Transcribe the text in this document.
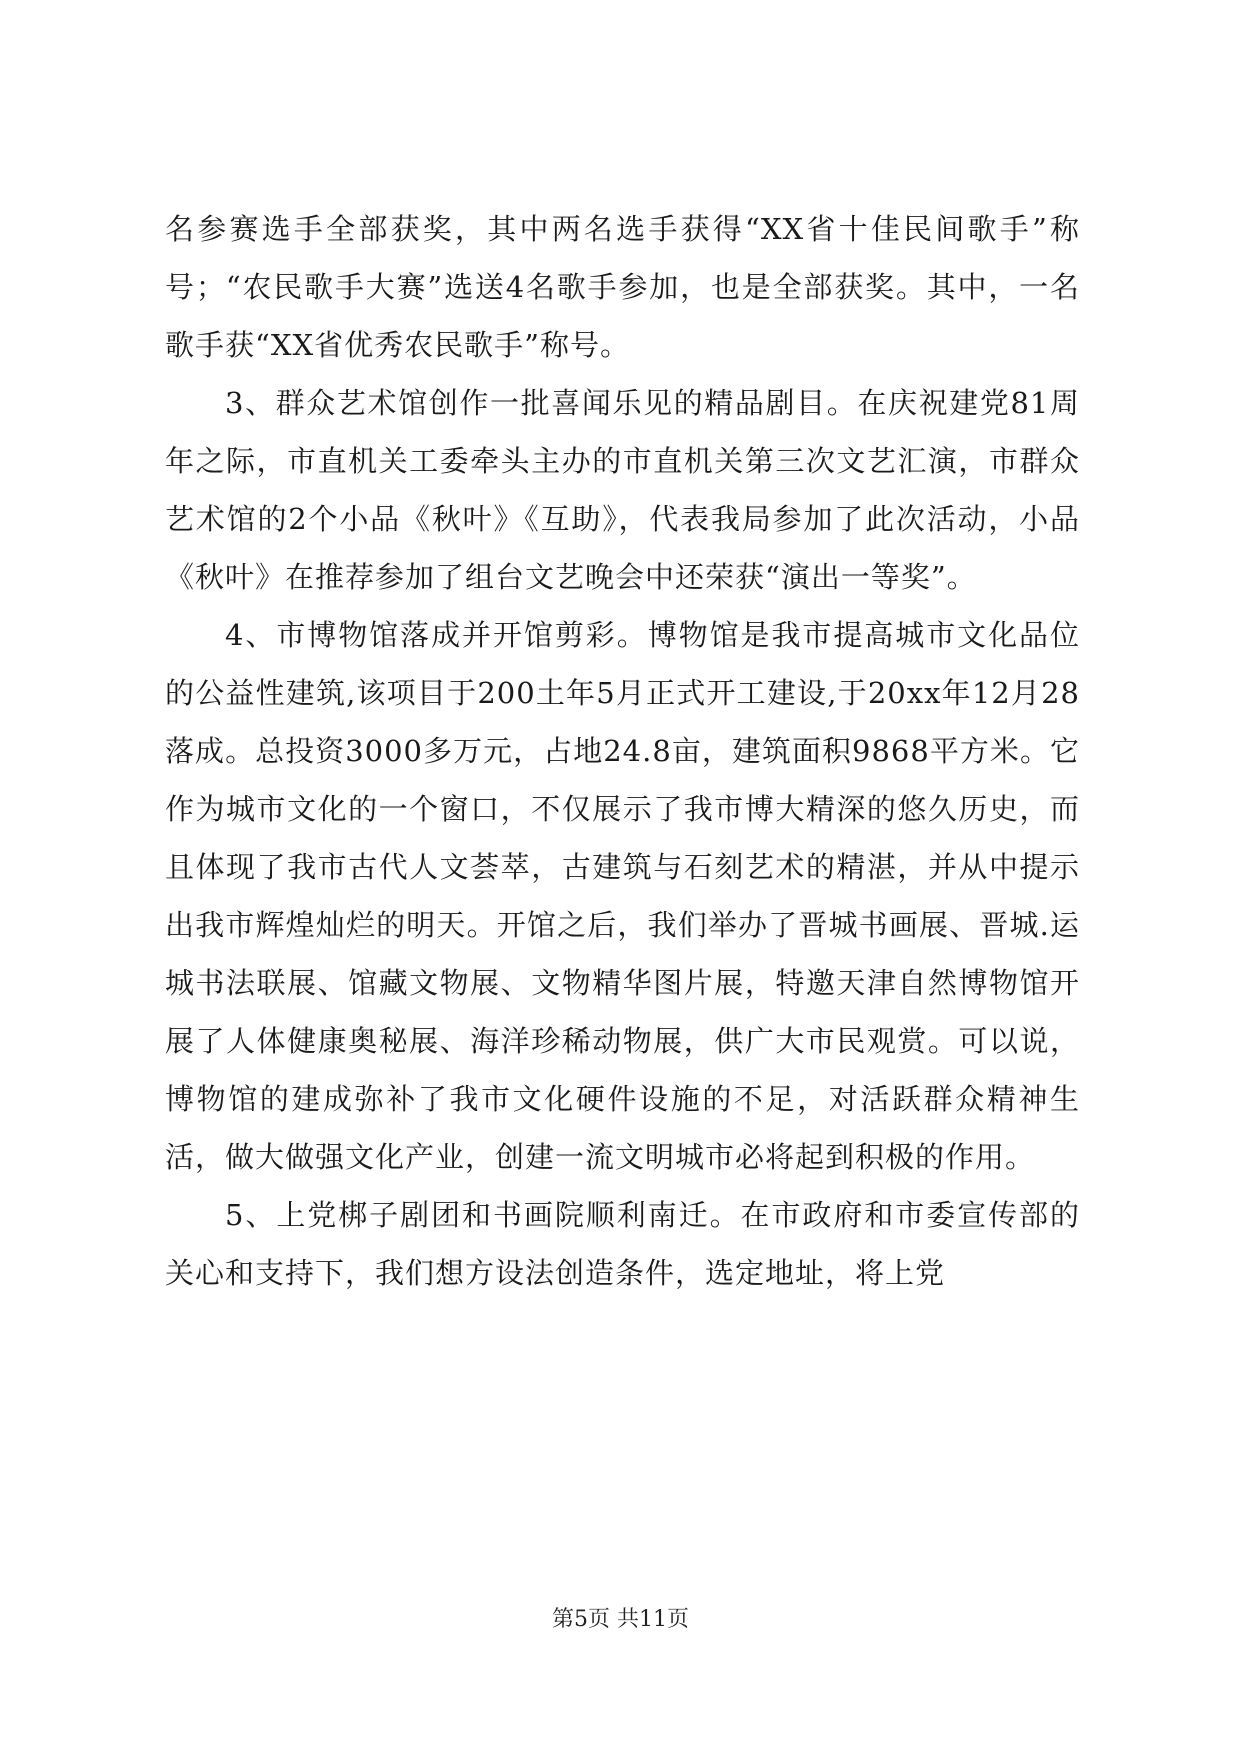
名参赛选手全部获奖，其中两名选手获得“XX省十佳民间歌手”称号；“农民歌手大赛”选送4名歌手参加，也是全部获奖。其中，一名歌手获“XX省优秀农民歌手”称号。

3、群众艺术馆创作一批喜闻乐见的精品剧目。在庆祝建党81周年之际，市直机关工委牵头主办的市直机关第三次文艺汇演，市群众艺术馆的2个小品《秋叶》《互助》，代表我局参加了此次活动，小品《秋叶》在推荐参加了组台文艺晚会中还荣获“演出一等奖”。

4、市博物馆落成并开馆剪彩。博物馆是我市提高城市文化品位的公益性建筑,该项目于200土年5月正式开工建设,于20xx年12月28落成。总投资3000多万元，占地24.8亩，建筑面积9868平方米。它作为城市文化的一个窗口，不仅展示了我市博大精深的悠久历史，而且体现了我市古代人文荟萃，古建筑与石刻艺术的精湛，并从中提示出我市辉煌灿烂的明天。开馆之后，我们举办了晋城书画展、晋城.运城书法联展、馆藏文物展、文物精华图片展，特邀天津自然博物馆开展了人体健康奥秘展、海洋珍稀动物展，供广大市民观赏。可以说，博物馆的建成弥补了我市文化硬件设施的不足，对活跃群众精神生活，做大做强文化产业，创建一流文明城市必将起到积极的作用。

5、上党梆子剧团和书画院顺利南迁。在市政府和市委宣传部的关心和支持下，我们想方设法创造条件，选定地址，将上党

第5页 共11页
